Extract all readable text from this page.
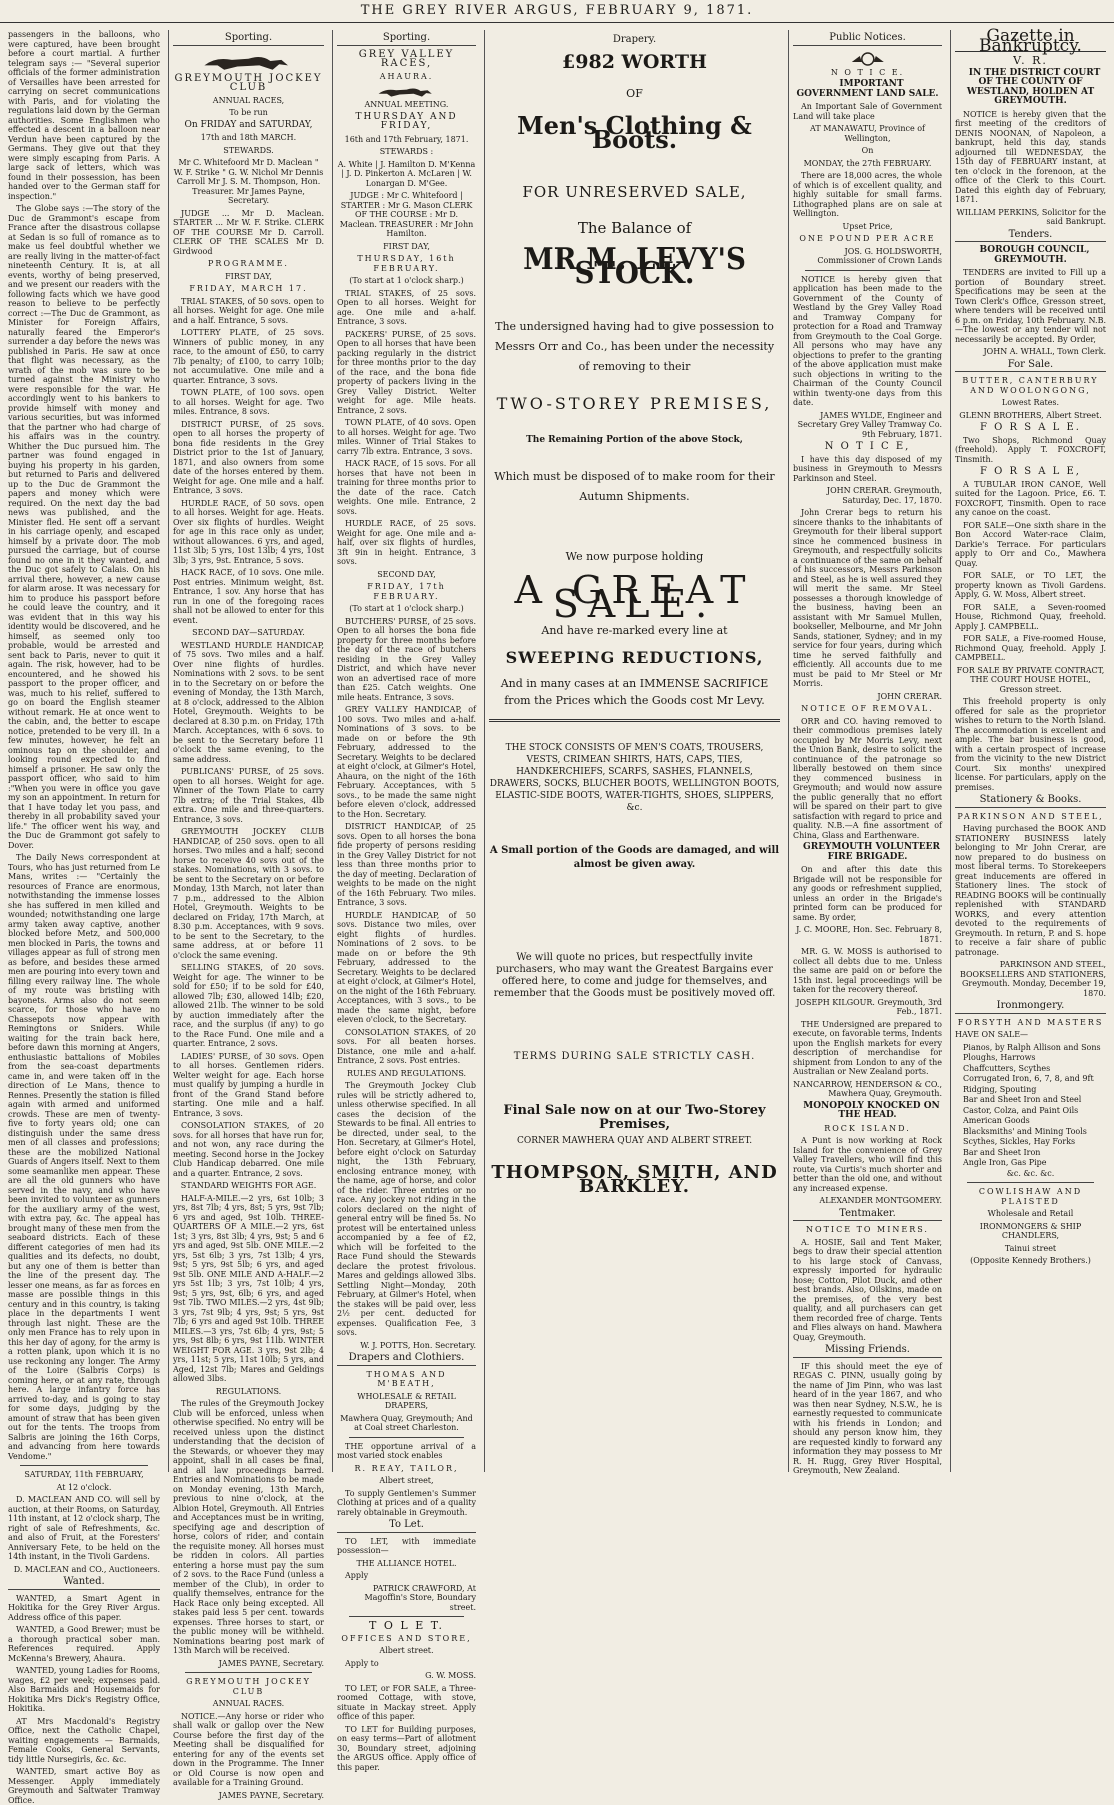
THE GREY RIVER ARGUS, FEBRUARY 9, 1871.

passengers in the balloons, who were captured, have been brought before a court martial. A further telegram says :— "Several superior officials of the former administration of Versailles have been arrested for carrying on secret communications with Paris, and for violating the regulations laid down by the German authorities. Some Englishmen who effected a descent in a balloon near Verdun have been captured by the Germans. They give out that they were simply escaping from Paris. A large sack of letters, which was found in their possession, has been handed over to the German staff for inspection."

The Globe says :—The story of the Duc de Grammont's escape from France after the disastrous collapse at Sedan is so full of romance as to make us feel doubtful whether we are really living in the matter-of-fact nineteenth Century. It is, at all events, worthy of being preserved, and we present our readers with the following facts which we have good reason to believe to be perfectly correct :—The Duc de Grammont, as Minister for Foreign Affairs, naturally feared the Emperor's surrender a day before the news was published in Paris. He saw at once that flight was necessary, as the wrath of the mob was sure to be turned against the Ministry who were responsible for the war. He accordingly went to his bankers to provide himself with money and various securities, but was informed that the partner who had charge of his affairs was in the country. Whither the Duc pursued him. The partner was found engaged in buying his property in his garden, but returned to Paris and delivered up to the Duc de Grammont the papers and money which were required. On the next day the bad news was published, and the Minister fled. He sent off a servant in his carriage openly, and escaped himself by a private door. The mob pursued the carriage, but of course found no one in it they wanted, and the Duc got safely to Calais. On his arrival there, however, a new cause for alarm arose. It was necessary for him to produce his passport before he could leave the country, and it was evident that in this way his identity would be discovered, and he himself, as seemed only too probable, would be arrested and sent back to Paris, never to quit it again. The risk, however, had to be encountered, and he showed his passport to the proper officer, and was, much to his relief, suffered to go on board the English steamer without remark. He at once went to the cabin, and, the better to escape notice, pretended to be very ill. In a few minutes, however, he felt an ominous tap on the shoulder, and looking round expected to find himself a prisoner. He saw only the passport officer, who said to him :"When you were in office you gave my son an appointment. In return for that I have today let you pass, and thereby in all probability saved your life." The officer went his way, and the Duc de Grammont got safely to Dover.

The Daily News correspondent at Tours, who has just returned from Le Mans, writes :— "Certainly the resources of France are enormous, notwithstanding the immense losses she has suffered in men killed and wounded; notwithstanding one large army taken away captive, another blocked before Metz, and 500,000 men blocked in Paris, the towns and villages appear as full of strong men as before, and besides these armed men are pouring into every town and filling every railway line. The whole of my route was bristling with bayonets. Arms also do not seem scarce, for those who have no Chassepots now appear with Remingtons or Sniders. While waiting for the train back here, before dawn this morning at Angers, enthusiastic battalions of Mobiles from the sea-coast departments came in, and were taken off in the direction of Le Mans, thence to Rennes. Presently the station is filled again with armed and uniformed crowds. These are men of twenty-five to forty years old; one can distinguish under the same dress men of all classes and professions; these are the mobilized National Guards of Angers itself. Next to them some seamanlike men appear. These are all the old gunners who have served in the navy, and who have been invited to volunteer as gunners for the auxiliary army of the west, with extra pay, &c. The appeal has brought many of these men from the seaboard districts. Each of these different categories of men had its qualities and its defects, no doubt, but any one of them is better than the line of the present day. The lesser one means, as far as forces en masse are possible things in this century and in this country, is taking place in the departments I went through last night. These are the only men France has to rely upon in this her day of agony, for the army is a rotten plank, upon which it is no use reckoning any longer. The Army of the Loire (Salbris Corps) is coming here, or at any rate, through here. A large infantry force has arrived to-day, and is going to stay for some days, judging by the amount of straw that has been given out for the tents. The troops from Salbris are joining the 16th Corps, and advancing from here towards Vendome."

SATURDAY, 11th FEBRUARY,

At 12 o'clock.

D. MACLEAN AND CO. will sell by auction, at their Rooms, on Saturday, 11th instant, at 12 o'clock sharp, The right of sale of Refreshments, &c. and also of Fruit, at the Foresters' Anniversary Fete, to be held on the 14th instant, in the Tivoli Gardens.

D. MACLEAN and CO., Auctioneers.

Wanted.

WANTED, a Smart Agent in Hokitika for the Grey River Argus. Address office of this paper.

WANTED, a Good Brewer; must be a thorough practical sober man. References required. Apply McKenna's Brewery, Ahaura.

WANTED, young Ladies for Rooms, wages, £2 per week; expenses paid. Also Barmaids and Housemaids for Hokitika Mrs Dick's Registry Office, Hokitika.

AT Mrs Macdonald's Registry Office, next the Catholic Chapel, waiting engagements — Barmaids, Female Cooks, General Servants, tidy little Nursegirls, &c. &c.

WANTED, smart active Boy as Messenger. Apply immediately Greymouth and Saltwater Tramway Office.

Sporting.

GREYMOUTH JOCKEY CLUB

ANNUAL RACES,

To be run

On FRIDAY and SATURDAY,

17th and 18th MARCH.

STEWARDS.

Mr C. Whitefoord Mr D. Maclean " W. F. Strike " G. W. Nichol Mr Dennis Carroll Mr J. S. M. Thompson, Hon. Treasurer. Mr James Payne, Secretary.

JUDGE ... Mr D. Maclean. STARTER ... Mr W. F. Strike. CLERK OF THE COURSE Mr D. Carroll. CLERK OF THE SCALES Mr D. Girdwood

PROGRAMME.

FIRST DAY,

FRIDAY, MARCH 17.

TRIAL STAKES, of 50 sovs. open to all horses. Weight for age. One mile and a half. Entrance, 5 sovs.

LOTTERY PLATE, of 25 sovs. Winners of public money, in any race, to the amount of £50, to carry 7lb penalty; of £100, to carry 10lb; not accumulative. One mile and a quarter. Entrance, 3 sovs.

TOWN PLATE, of 100 sovs. open to all horses. Weight for age. Two miles. Entrance, 8 sovs.

DISTRICT PURSE, of 25 sovs. open to all horses the property of bona fide residents in the Grey District prior to the 1st of January, 1871, and also owners from some date of the horses entered by them. Weight for age. One mile and a half. Entrance, 3 sovs.

HURDLE RACE, of 50 sovs. open to all horses. Weight for age. Heats. Over six flights of hurdles. Weight for age in this race only as under, without allowances. 6 yrs, and aged, 11st 3lb; 5 yrs, 10st 13lb; 4 yrs, 10st 3lb; 3 yrs, 9st. Entrance, 5 sovs.

HACK RACE, of 10 sovs. One mile. Post entries. Minimum weight, 8st. Entrance, 1 sov. Any horse that has run in one of the foregoing races shall not be allowed to enter for this event.

SECOND DAY—SATURDAY.

WESTLAND HURDLE HANDICAP, of 75 sovs. Two miles and a half. Over nine flights of hurdles. Nominations with 2 sovs. to be sent in to the Secretary on or before the evening of Monday, the 13th March, at 8 o'clock, addressed to the Albion Hotel, Greymouth. Weights to be declared at 8.30 p.m. on Friday, 17th March. Acceptances, with 6 sovs. to be sent to the Secretary before 11 o'clock the same evening, to the same address.

PUBLICANS' PURSE, of 25 sovs. open to all horses. Weight for age. Winner of the Town Plate to carry 7lb extra; of the Trial Stakes, 4lb extra. One mile and three-quarters. Entrance, 3 sovs.

GREYMOUTH JOCKEY CLUB HANDICAP, of 250 sovs. open to all horses. Two miles and a half; second horse to receive 40 sovs out of the stakes. Nominations, with 3 sovs. to be sent to the Secretary on or before Monday, 13th March, not later than 7 p.m., addressed to the Albion Hotel, Greymouth. Weights to be declared on Friday, 17th March, at 8.30 p.m. Acceptances, with 9 sovs. to be sent to the Secretary, to the same address, at or before 11 o'clock the same evening.

SELLING STAKES, of 20 sovs. Weight for age. The winner to be sold for £50; if to be sold for £40, allowed 7lb; £30, allowed 14lb; £20, allowed 21lb. The winner to be sold by auction immediately after the race, and the surplus (if any) to go to the Race Fund. One mile and a quarter. Entrance, 2 sovs.

LADIES' PURSE, of 30 sovs. Open to all horses. Gentlemen riders. Welter weight for age. Each horse must qualify by jumping a hurdle in front of the Grand Stand before starting. One mile and a half. Entrance, 3 sovs.

CONSOLATION STAKES, of 20 sovs. for all horses that have run for, and not won, any race during the meeting. Second horse in the Jockey Club Handicap debarred. One mile and a quarter. Entrance, 2 sovs.

STANDARD WEIGHTS FOR AGE.

HALF-A-MILE.—2 yrs, 6st 10lb; 3 yrs, 8st 7lb; 4 yrs, 8st; 5 yrs, 9st 7lb; 6 yrs and aged, 9st 10lb. THREE-QUARTERS OF A MILE.—2 yrs, 6st 1st; 3 yrs, 8st 3lb; 4 yrs, 9st; 5 and 6 yrs and aged, 9st 5lb. ONE MILE.—2 yrs, 5st 6lb; 3 yrs, 7st 13lb; 4 yrs, 9st; 5 yrs, 9st 5lb; 6 yrs, and aged 9st 5lb. ONE MILE AND A-HALF.—2 yrs 5st 1lb; 3 yrs, 7st 10lb; 4 yrs, 9st; 5 yrs, 9st, 6lb; 6 yrs, and aged 9st 7lb. TWO MILES.—2 yrs, 4st 9lb; 3 yrs, 7st 9lb; 4 yrs, 9st; 5 yrs, 9st 7lb; 6 yrs and aged 9st 10lb. THREE MILES.—3 yrs, 7st 6lb; 4 yrs, 9st; 5 yrs, 9st 8lb; 6 yrs, 9st 11lb. WINTER WEIGHT FOR AGE. 3 yrs, 9st 2lb; 4 yrs, 11st; 5 yrs, 11st 10lb; 5 yrs, and Aged, 12st 7lb; Mares and Geldings allowed 3lbs.

REGULATIONS.

The rules of the Greymouth Jockey Club will be enforced, unless when otherwise specified. No entry will be received unless upon the distinct understanding that the decision of the Stewards, or whoever they may appoint, shall in all cases be final, and all law proceedings barred. Entries and Nominations to be made on Monday evening, 13th March, previous to nine o'clock, at the Albion Hotel, Greymouth. All Entries and Acceptances must be in writing, specifying age and description of horse, colors of rider, and contain the requisite money. All horses must be ridden in colors. All parties entering a horse must pay the sum of 2 sovs. to the Race Fund (unless a member of the Club), in order to qualify themselves, entrance for the Hack Race only being excepted. All stakes paid less 5 per cent. towards expenses. Three horses to start, or the public money will be withheld. Nominations bearing post mark of 13th March will be received.

JAMES PAYNE, Secretary.

GREYMOUTH JOCKEY CLUB

ANNUAL RACES.

NOTICE.—Any horse or rider who shall walk or gallop over the New Course before the first day of the Meeting shall be disqualified for entering for any of the events set down in the Programme. The Inner or Old Course is now open and available for a Training Ground.

JAMES PAYNE, Secretary.

Sporting.

GREY VALLEY RACES,

AHAURA.

ANNUAL MEETING.

THURSDAY AND FRIDAY,

16th and 17th February, 1871.

STEWARDS :

A. White | J. Hamilton D. M'Kenna | J. D. Pinkerton A. McLaren | W. Lonargan D. M'Gee.

JUDGE : Mr C. Whitefoord | STARTER : Mr G. Mason CLERK OF THE COURSE : Mr D. Maclean. TREASURER : Mr John Hamilton.

FIRST DAY,

THURSDAY, 16th FEBRUARY.

(To start at 1 o'clock sharp.)

TRIAL STAKES, of 25 sovs. Open to all horses. Weight for age. One mile and a-half. Entrance, 3 sovs.

PACKERS' PURSE, of 25 sovs. Open to all horses that have been packing regularly in the district for three months prior to the day of the race, and the bona fide property of packers living in the Grey Valley District. Welter weight for age. Mile heats. Entrance, 2 sovs.

TOWN PLATE, of 40 sovs. Open to all horses. Weight for age. Two miles. Winner of Trial Stakes to carry 7lb extra. Entrance, 3 sovs.

HACK RACE, of 15 sovs. For all horses that have not been in training for three months prior to the date of the race. Catch weights. One mile. Entrance, 2 sovs.

HURDLE RACE, of 25 sovs. Weight for age. One mile and a-half, over six flights of hurdles, 3ft 9in in height. Entrance, 3 sovs.

SECOND DAY,

FRIDAY, 17th FEBRUARY.

(To start at 1 o'clock sharp.)

BUTCHERS' PURSE, of 25 sovs. Open to all horses the bona fide property for three months before the day of the race of butchers residing in the Grey Valley District, and which have never won an advertised race of more than £25. Catch weights. One mile heats. Entrance, 3 sovs.

GREY VALLEY HANDICAP, of 100 sovs. Two miles and a-half. Nominations of 3 sovs. to be made on or before the 9th February, addressed to the Secretary. Weights to be declared at eight o'clock, at Gilmer's Hotel, Ahaura, on the night of the 16th February. Acceptances, with 5 sovs., to be made the same night before eleven o'clock, addressed to the Hon. Secretary.

DISTRICT HANDICAP, of 25 sovs. Open to all horses the bona fide property of persons residing in the Grey Valley District for not less than three months prior to the day of meeting. Declaration of weights to be made on the night of the 16th February. Two miles. Entrance, 3 sovs.

HURDLE HANDICAP, of 50 sovs. Distance two miles, over eight flights of hurdles. Nominations of 2 sovs. to be made on or before the 9th February, addressed to the Secretary. Weights to be declared at eight o'clock, at Gilmer's Hotel, on the night of the 16th February. Acceptances, with 3 sovs., to be made the same night, before eleven o'clock, to the Secretary.

CONSOLATION STAKES, of 20 sovs. For all beaten horses. Distance, one mile and a-half. Entrance, 2 sovs. Post entries.

RULES AND REGULATIONS.

The Greymouth Jockey Club rules will be strictly adhered to, unless otherwise specified. In all cases the decision of the Stewards to be final. All entries to be directed, under seal, to the Hon. Secretary, at Gilmer's Hotel, before eight o'clock on Saturday night, the 13th February, enclosing entrance money, with the name, age of horse, and color of the rider. Three entries or no race. Any jockey not riding in the colors declared on the night of general entry will be fined 5s. No protest will be entertained unless accompanied by a fee of £2, which will be forfeited to the Race Fund should the Stewards declare the protest frivolous. Mares and geldings allowed 3lbs. Settling Night—Monday, 20th February, at Gilmer's Hotel, when the stakes will be paid over, less 2½ per cent. deducted for expenses. Qualification Fee, 3 sovs.

W. J. POTTS, Hon. Secretary.

Drapers and Clothiers.

THOMAS AND M'BEATH,

WHOLESALE & RETAIL DRAPERS,

Mawhera Quay, Greymouth; And at Coal street Charleston.

THE opportune arrival of a most varied stock enables

R. REAY, TAILOR,

Albert street,

To supply Gentlemen's Summer Clothing at prices and of a quality rarely obtainable in Greymouth.

To Let.

TO LET, with immediate possession—

THE ALLIANCE HOTEL.

Apply

PATRICK CRAWFORD, At Magoffin's Store, Boundary street.

T O L E T.

OFFICES AND STORE,

Albert street.

Apply to

G. W. MOSS.

TO LET, or FOR SALE, a Three-roomed Cottage, with stove, situate in Mackay street. Apply office of this paper.

TO LET for Building purposes, on easy terms—Part of allotment 30, Boundary street, adjoining the ARGUS office. Apply office of this paper.

Drapery.
£982 WORTH
OF
Men's Clothing & Boots.
FOR UNRESERVED SALE,
The Balance of
MR M. LEVY'S STOCK.
The undersigned having had to give possession to Messrs Orr and Co., has been under the necessity of removing to their
TWO-STOREY PREMISES,
The Remaining Portion of the above Stock,
Which must be disposed of to make room for their Autumn Shipments.
We now purpose holding
A GREAT SALE.
And have re-marked every line at
SWEEPING REDUCTIONS,
And in many cases at an IMMENSE SACRIFICE from the Prices which the Goods cost Mr Levy.
THE STOCK CONSISTS OF MEN'S COATS, TROUSERS, VESTS, CRIMEAN SHIRTS, HATS, CAPS, TIES, HANDKERCHIEFS, SCARFS, SASHES, FLANNELS, DRAWERS, SOCKS, BLUCHER BOOTS, WELLINGTON BOOTS, ELASTIC-SIDE BOOTS, WATER-TIGHTS, SHOES, SLIPPERS, &c.
A Small portion of the Goods are damaged, and will almost be given away.
We will quote no prices, but respectfully invite purchasers, who may want the Greatest Bargains ever offered here, to come and judge for themselves, and remember that the Goods must be positively moved off.
TERMS DURING SALE STRICTLY CASH.
Final Sale now on at our Two-Storey Premises,
CORNER MAWHERA QUAY AND ALBERT STREET.
THOMPSON, SMITH, AND BARKLEY.
Public Notices.

N O T I C E.

IMPORTANT GOVERNMENT LAND SALE.

An Important Sale of Government Land will take place

AT MANAWATU, Province of Wellington,

On

MONDAY, the 27th FEBRUARY.

There are 18,000 acres, the whole of which is of excellent quality, and highly suitable for small farms. Lithographed plans are on sale at Wellington.

Upset Price,

ONE POUND PER ACRE

JOS. G. HOLDSWORTH, Commissioner of Crown Lands

NOTICE is hereby given that application has been made to the Government of the County of Westland by the Grey Valley Road and Tramway Company for protection for a Road and Tramway from Greymouth to the Coal Gorge. All persons who may have any objections to prefer to the granting of the above application must make such objections in writing to the Chairman of the County Council within twenty-one days from this date.

JAMES WYLDE, Engineer and Secretary Grey Valley Tramway Co. 9th February, 1871.

N O T I C E,

I have this day disposed of my business in Greymouth to Messrs Parkinson and Steel.

JOHN CRERAR. Greymouth, Saturday, Dec. 17, 1870.

John Crerar begs to return his sincere thanks to the inhabitants of Greymouth for their liberal support since he commenced business in Greymouth, and respectfully solicits a continuance of the same on behalf of his successors, Messrs Parkinson and Steel, as he is well assured they will merit the same. Mr Steel possesses a thorough knowledge of the business, having been an assistant with Mr Samuel Mullen, bookseller, Melbourne, and Mr John Sands, stationer, Sydney; and in my service for four years, during which time he served faithfully and efficiently. All accounts due to me must be paid to Mr Steel or Mr Morris.

JOHN CRERAR.

NOTICE OF REMOVAL.

ORR and CO. having removed to their commodious premises lately occupied by Mr Morris Levy, next the Union Bank, desire to solicit the continuance of the patronage so liberally bestowed on them since they commenced business in Greymouth; and would now assure the public generally that no effort will be spared on their part to give satisfaction with regard to price and quality. N.B.—A fine assortment of China, Glass and Earthenware.

GREYMOUTH VOLUNTEER FIRE BRIGADE.

On and after this date this Brigade will not be responsible for any goods or refreshment supplied, unless an order in the Brigade's printed form can be produced for same. By order,

J. C. MOORE, Hon. Sec. February 8, 1871.

MR. G. W. MOSS is authorised to collect all debts due to me. Unless the same are paid on or before the 15th inst. legal proceedings will be taken for the recovery thereof.

JOSEPH KILGOUR. Greymouth, 3rd Feb., 1871.

THE Undersigned are prepared to execute, on favorable terms, Indents upon the English markets for every description of merchandise for shipment from London to any of the Australian or New Zealand ports.

NANCARROW, HENDERSON & CO., Mawhera Quay, Greymouth.

MONOPOLY KNOCKED ON THE HEAD.

ROCK ISLAND.

A Punt is now working at Rock Island for the convenience of Grey Valley Travellers, who will find this route, via Curtis's much shorter and better than the old one, and without any increased expense.

ALEXANDER MONTGOMERY.

Tentmaker.

NOTICE TO MINERS.

A. HOSIE, Sail and Tent Maker, begs to draw their special attention to his large stock of Canvass, expressly imported for hydraulic hose; Cotton, Pilot Duck, and other best brands. Also, Oilskins, made on the premises, of the very best quality, and all purchasers can get them recorded free of charge. Tents and Flies always on hand. Mawhera Quay, Greymouth.

Missing Friends.

IF this should meet the eye of REGAS C. PINN, usually going by the name of Jim Pinn, who was last heard of in the year 1867, and who was then near Sydney, N.S.W., he is earnestly requested to communicate with his friends in London; and should any person know him, they are requested kindly to forward any information they may possess to Mr R. H. Rugg, Grey River Hospital, Greymouth, New Zealand.

Gazette in Bankruptcy.

V. R.

IN THE DISTRICT COURT OF THE COUNTY OF WESTLAND, HOLDEN AT GREYMOUTH.

NOTICE is hereby given that the first meeting of the creditors of DENIS NOONAN, of Napoleon, a bankrupt, held this day, stands adjourned till WEDNESDAY, the 15th day of FEBRUARY instant, at ten o'clock in the forenoon, at the office of the Clerk to this Court. Dated this eighth day of February, 1871.

WILLIAM PERKINS, Solicitor for the said Bankrupt.

Tenders.

BOROUGH COUNCIL, GREYMOUTH.

TENDERS are invited to Fill up a portion of Boundary street. Specifications may be seen at the Town Clerk's Office, Gresson street, where tenders will be received until 6 p.m. on Friday, 10th February. N.B.—The lowest or any tender will not necessarily be accepted. By Order,

JOHN A. WHALL, Town Clerk.

For Sale.

BUTTER, CANTERBURY AND WOOLONGONG,

Lowest Rates.

GLENN BROTHERS, Albert Street.

F O R S A L E.

Two Shops, Richmond Quay (freehold). Apply T. FOXCROFT, Tinsmith.

F O R S A L E,

A TUBULAR IRON CANOE, Well suited for the Lagoon. Price, £6. T. FOXCROFT, Tinsmith. Open to race any canoe on the coast.

FOR SALE—One sixth share in the Bon Accord Water-race Claim, Darkie's Terrace. For particulars apply to Orr and Co., Mawhera Quay.

FOR SALE, or TO LET, the property known as Tivoli Gardens. Apply, G. W. Moss, Albert street.

FOR SALE, a Seven-roomed House, Richmond Quay, freehold. Apply J. CAMPBELL.

FOR SALE, a Five-roomed House, Richmond Quay, freehold. Apply J. CAMPBELL.

FOR SALE BY PRIVATE CONTRACT, THE COURT HOUSE HOTEL, Gresson street.

This freehold property is only offered for sale as the proprietor wishes to return to the North Island. The accommodation is excellent and ample. The bar business is good, with a certain prospect of increase from the vicinity to the new District Court. Six months' unexpired license. For particulars, apply on the premises.

Stationery & Books.

PARKINSON AND STEEL,

Having purchased the BOOK AND STATIONERY BUSINESS lately belonging to Mr John Crerar, are now prepared to do business on most liberal terms. To Storekeepers great inducements are offered in Stationery lines. The stock of READING BOOKS will be continually replenished with STANDARD WORKS, and every attention devoted to the requirements of Greymouth. In return, P. and S. hope to receive a fair share of public patronage.

PARKINSON AND STEEL, BOOKSELLERS AND STATIONERS, Greymouth. Monday, December 19, 1870.

Ironmongery.

FORSYTH AND MASTERS

HAVE ON SALE—

Pianos, by Ralph Allison and Sons

Ploughs, Harrows

Chaffcutters, Scythes

Corrugated Iron, 6, 7, 8, and 9ft

Ridging, Spouting

Bar and Sheet Iron and Steel

Castor, Colza, and Paint Oils

American Goods

Blacksmiths' and Mining Tools

Scythes, Sickles, Hay Forks

Bar and Sheet Iron

Angle Iron, Gas Pipe

&c. &c. &c.

COWLISHAW AND PLAISTED

Wholesale and Retail

IRONMONGERS & SHIP CHANDLERS,

Tainui street

(Opposite Kennedy Brothers.)
